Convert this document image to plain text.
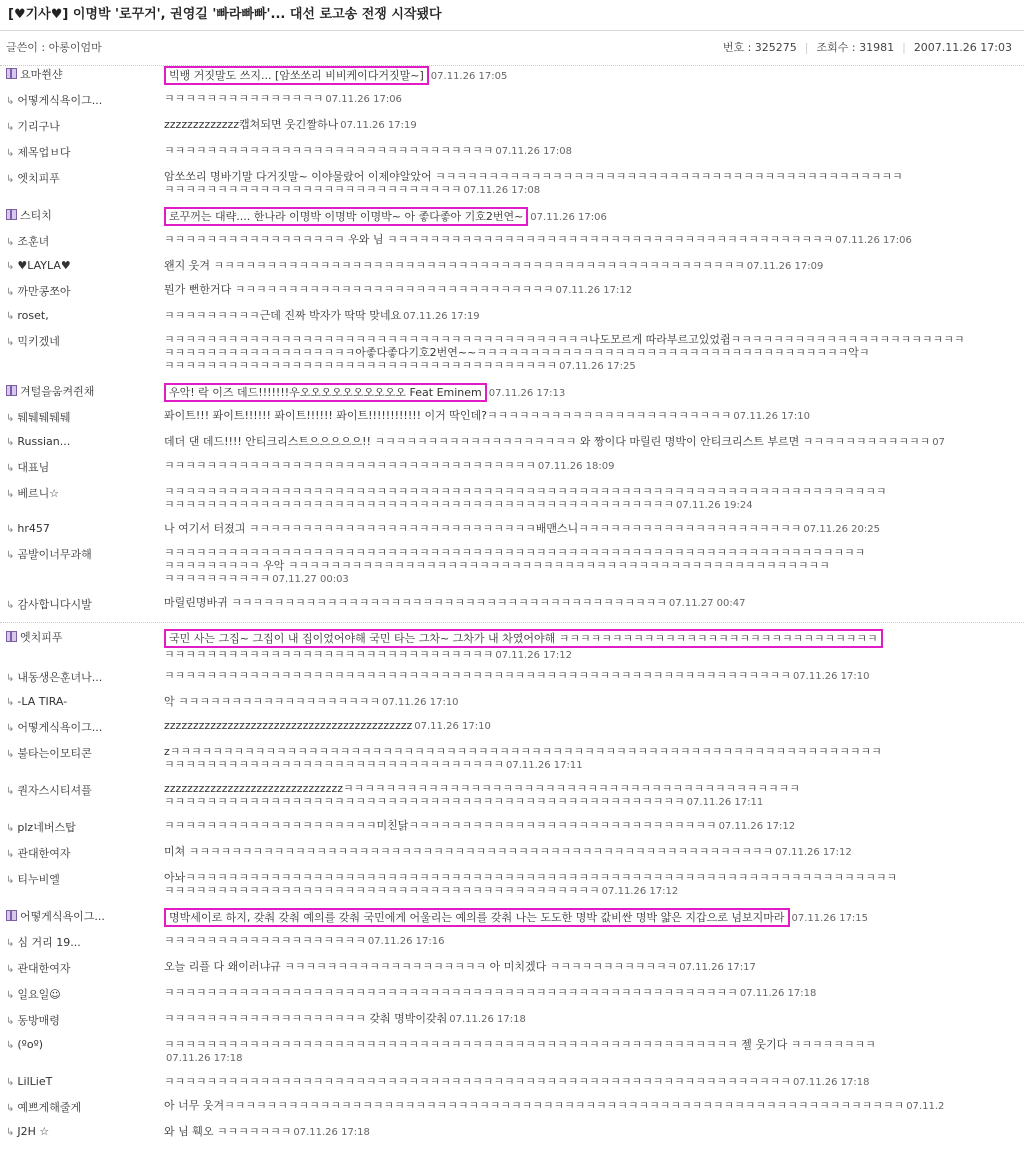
[♥기사♥] 이명박 '로꾸거', 권영길 '빠라빠빠'... 대선 로고송 전쟁 시작됐다
글쓴이 : 아롱이엄마	번호 : 325275 | 조회수 : 31981 | 2007.11.26 17:03
요마쒼샨	빅뱅 거짓말도 쓰지... [암쏘쏘리 비비케이다거짓말~] 07.11.26 17:05
↳ 어떻게식욕이그...	ㅋㅋㅋㅋㅋㅋㅋㅋㅋㅋㅋㅋㅋㅋㅋ 07.11.26 17:06
↳ 기리구나	zzzzzzzzzzzzz캡쳐되면 웃긴짤하나 07.11.26 17:19
↳ 제목업ㅂ다	ㅋㅋㅋㅋㅋㅋㅋㅋㅋㅋㅋㅋㅋㅋㅋㅋㅋㅋㅋㅋㅋㅋㅋㅋㅋㅋㅋㅋㅋㅋㅋ 07.11.26 17:08
↳ 엣치피푸	암쏘쏘리 명바기말 다거짓말~ 이야물랐어 이제야알았어 ㅋㅋㅋㅋㅋㅋㅋㅋㅋㅋㅋㅋㅋㅋㅋㅋㅋㅋㅋㅋㅋㅋㅋㅋㅋㅋㅋㅋㅋㅋㅋㅋㅋㅋㅋㅋㅋㅋㅋㅋㅋㅋㅋㅋ
ㅋㅋㅋㅋㅋㅋㅋㅋㅋㅋㅋㅋㅋㅋㅋㅋㅋㅋㅋㅋㅋㅋㅋㅋㅋㅋㅋㅋ 07.11.26 17:08
스티치	로꾸꺼는 대략.... 한나라 이명박 이명박 이명박~ 아 좋다좋아 기호2번연~ 07.11.26 17:06
↳ 조훈녀	ㅋㅋㅋㅋㅋㅋㅋㅋㅋㅋㅋㅋㅋㅋㅋㅋㅋ 우와 님 ㅋㅋㅋㅋㅋㅋㅋㅋㅋㅋㅋㅋㅋㅋㅋㅋㅋㅋㅋㅋㅋㅋㅋㅋㅋㅋㅋㅋㅋㅋㅋㅋㅋㅋㅋㅋㅋㅋㅋㅋㅋㅋ 07.11.26 17:06
↳ ♥LAYLA♥	왠지 웃겨 ㅋㅋㅋㅋㅋㅋㅋㅋㅋㅋㅋㅋㅋㅋㅋㅋㅋㅋㅋㅋㅋㅋㅋㅋㅋㅋㅋㅋㅋㅋㅋㅋㅋㅋㅋㅋㅋㅋㅋㅋㅋㅋㅋㅋㅋㅋㅋㅋㅋㅋ 07.11.26 17:09
↳ 까만콩쪼아	뭔가 뻔한거다 ㅋㅋㅋㅋㅋㅋㅋㅋㅋㅋㅋㅋㅋㅋㅋㅋㅋㅋㅋㅋㅋㅋㅋㅋㅋㅋㅋㅋㅋㅋ 07.11.26 17:12
↳ roset,	ㅋㅋㅋㅋㅋㅋㅋㅋㅋ근데 진짜 박자가 딱딱 맞네요 07.11.26 17:19
↳ 믹키겠네	ㅋㅋㅋㅋㅋㅋㅋㅋㅋㅋㅋㅋㅋㅋㅋㅋㅋㅋㅋㅋㅋㅋㅋㅋㅋㅋㅋㅋㅋㅋㅋㅋㅋㅋㅋㅋㅋㅋㅋㅋ나도모르게 따라부르고있었쥠ㅋㅋㅋㅋㅋㅋㅋㅋㅋㅋㅋㅋㅋㅋㅋㅋㅋㅋㅋㅋㅋㅋ
ㅋㅋㅋㅋㅋㅋㅋㅋㅋㅋㅋㅋㅋㅋㅋㅋㅋㅋ아좋다좋다기호2번연~~ㅋㅋㅋㅋㅋㅋㅋㅋㅋㅋㅋㅋㅋㅋㅋㅋㅋㅋㅋㅋㅋㅋㅋㅋㅋㅋㅋㅋㅋㅋㅋㅋㅋㅋㅋ악ㅋ
ㅋㅋㅋㅋㅋㅋㅋㅋㅋㅋㅋㅋㅋㅋㅋㅋㅋㅋㅋㅋㅋㅋㅋㅋㅋㅋㅋㅋㅋㅋㅋㅋㅋㅋㅋㅋㅋ 07.11.26 17:25
겨털을움켜쥔채	우악! 락 이즈 데드!!!!!!!우오오오오오오오오오오 Feat Eminem 07.11.26 17:13
↳ 퉤퉤퉤퉤퉤	퐈이트!!! 퐈이트!!!!!! 퐈이트!!!!!! 퐈이트!!!!!!!!!!!! 이거 딱인데?ㅋㅋㅋㅋㅋㅋㅋㅋㅋㅋㅋㅋㅋㅋㅋㅋㅋㅋㅋㅋㅋㅋㅋ 07.11.26 17:10
↳ Russian...	데더 댄 데드!!!! 안티크리스트으으으으으!! ㅋㅋㅋㅋㅋㅋㅋㅋㅋㅋㅋㅋㅋㅋㅋㅋㅋㅋㅋ 와 짱이다 마릴린 명박이 안티크리스트 부르면 ㅋㅋㅋㅋㅋㅋㅋㅋㅋㅋㅋㅋ 07
↳ 대표님	ㅋㅋㅋㅋㅋㅋㅋㅋㅋㅋㅋㅋㅋㅋㅋㅋㅋㅋㅋㅋㅋㅋㅋㅋㅋㅋㅋㅋㅋㅋㅋㅋㅋㅋㅋ 07.11.26 18:09
↳ 베르니☆	ㅋㅋㅋㅋㅋㅋㅋㅋㅋㅋㅋㅋㅋㅋㅋㅋㅋㅋㅋㅋㅋㅋㅋㅋㅋㅋㅋㅋㅋㅋㅋㅋㅋㅋㅋㅋㅋㅋㅋㅋㅋㅋㅋㅋㅋㅋㅋㅋㅋㅋㅋㅋㅋㅋㅋㅋㅋㅋㅋㅋㅋㅋㅋㅋㅋㅋㅋㅋ
ㅋㅋㅋㅋㅋㅋㅋㅋㅋㅋㅋㅋㅋㅋㅋㅋㅋㅋㅋㅋㅋㅋㅋㅋㅋㅋㅋㅋㅋㅋㅋㅋㅋㅋㅋㅋㅋㅋㅋㅋㅋㅋㅋㅋㅋㅋㅋㅋ 07.11.26 19:24
↳ hr457	나 여기서 터졌긔 ㅋㅋㅋㅋㅋㅋㅋㅋㅋㅋㅋㅋㅋㅋㅋㅋㅋㅋㅋㅋㅋㅋㅋㅋㅋㅋㅋ배맨스니ㅋㅋㅋㅋㅋㅋㅋㅋㅋㅋㅋㅋㅋㅋㅋㅋㅋㅋㅋㅋㅋ 07.11.26 20:25
↳ 곰발이너무과해	ㅋㅋㅋㅋㅋㅋㅋㅋㅋㅋㅋㅋㅋㅋㅋㅋㅋㅋㅋㅋㅋㅋㅋㅋㅋㅋㅋㅋㅋㅋㅋㅋㅋㅋㅋㅋㅋㅋㅋㅋㅋㅋㅋㅋㅋㅋㅋㅋㅋㅋㅋㅋㅋㅋㅋㅋㅋㅋㅋㅋㅋㅋㅋㅋㅋㅋ
ㅋㅋㅋㅋㅋㅋㅋㅋㅋ 우악 ㅋㅋㅋㅋㅋㅋㅋㅋㅋㅋㅋㅋㅋㅋㅋㅋㅋㅋㅋㅋㅋㅋㅋㅋㅋㅋㅋㅋㅋㅋㅋㅋㅋㅋㅋㅋㅋㅋㅋㅋㅋㅋㅋㅋㅋㅋㅋㅋㅋㅋㅋ
ㅋㅋㅋㅋㅋㅋㅋㅋㅋㅋ 07.11.27 00:03
↳ 감사합니다시발	마릴린명바귀 ㅋㅋㅋㅋㅋㅋㅋㅋㅋㅋㅋㅋㅋㅋㅋㅋㅋㅋㅋㅋㅋㅋㅋㅋㅋㅋㅋㅋㅋㅋㅋㅋㅋㅋㅋㅋㅋㅋㅋㅋㅋ 07.11.27 00:47
엣치피푸	국민 사는 그집~ 그집이 내 집이었어야해 국민 타는 그차~ 그차가 내 차였어야해 ㅋㅋㅋㅋㅋㅋㅋㅋㅋㅋㅋㅋㅋㅋㅋㅋㅋㅋㅋㅋㅋㅋㅋㅋㅋㅋㅋㅋㅋㅋ
ㅋㅋㅋㅋㅋㅋㅋㅋㅋㅋㅋㅋㅋㅋㅋㅋㅋㅋㅋㅋㅋㅋㅋㅋㅋㅋㅋㅋㅋㅋㅋ 07.11.26 17:12
↳ 내동생은훈녀나...	ㅋㅋㅋㅋㅋㅋㅋㅋㅋㅋㅋㅋㅋㅋㅋㅋㅋㅋㅋㅋㅋㅋㅋㅋㅋㅋㅋㅋㅋㅋㅋㅋㅋㅋㅋㅋㅋㅋㅋㅋㅋㅋㅋㅋㅋㅋㅋㅋㅋㅋㅋㅋㅋㅋㅋㅋㅋㅋㅋ 07.11.26 17:10
↳ -LA TIRA-	악 ㅋㅋㅋㅋㅋㅋㅋㅋㅋㅋㅋㅋㅋㅋㅋㅋㅋㅋㅋ 07.11.26 17:10
↳ 어떻게식욕이그...	zzzzzzzzzzzzzzzzzzzzzzzzzzzzzzzzzzzzzzzzzzz 07.11.26 17:10
↳ 불타는이모티콘	zㅋㅋㅋㅋㅋㅋㅋㅋㅋㅋㅋㅋㅋㅋㅋㅋㅋㅋㅋㅋㅋㅋㅋㅋㅋㅋㅋㅋㅋㅋㅋㅋㅋㅋㅋㅋㅋㅋㅋㅋㅋㅋㅋㅋㅋㅋㅋㅋㅋㅋㅋㅋㅋㅋㅋㅋㅋㅋㅋㅋㅋㅋㅋㅋㅋㅋㅋ
ㅋㅋㅋㅋㅋㅋㅋㅋㅋㅋㅋㅋㅋㅋㅋㅋㅋㅋㅋㅋㅋㅋㅋㅋㅋㅋㅋㅋㅋㅋㅋㅋ 07.11.26 17:11
↳ 퀀자스시티셔플	zzzzzzzzzzzzzzzzzzzzzzzzzzzzzzzㅋㅋㅋㅋㅋㅋㅋㅋㅋㅋㅋㅋㅋㅋㅋㅋㅋㅋㅋㅋㅋㅋㅋㅋㅋㅋㅋㅋㅋㅋㅋㅋㅋㅋㅋㅋㅋㅋㅋㅋㅋㅋㅋ
ㅋㅋㅋㅋㅋㅋㅋㅋㅋㅋㅋㅋㅋㅋㅋㅋㅋㅋㅋㅋㅋㅋㅋㅋㅋㅋㅋㅋㅋㅋㅋㅋㅋㅋㅋㅋㅋㅋㅋㅋㅋㅋㅋㅋㅋㅋㅋㅋㅋ 07.11.26 17:11
↳ plz네버스탑	ㅋㅋㅋㅋㅋㅋㅋㅋㅋㅋㅋㅋㅋㅋㅋㅋㅋㅋㅋㅋ미친닭ㅋㅋㅋㅋㅋㅋㅋㅋㅋㅋㅋㅋㅋㅋㅋㅋㅋㅋㅋㅋㅋㅋㅋㅋㅋㅋㅋㅋㅋ 07.11.26 17:12
↳ 관대한여자	미쳐 ㅋㅋㅋㅋㅋㅋㅋㅋㅋㅋㅋㅋㅋㅋㅋㅋㅋㅋㅋㅋㅋㅋㅋㅋㅋㅋㅋㅋㅋㅋㅋㅋㅋㅋㅋㅋㅋㅋㅋㅋㅋㅋㅋㅋㅋㅋㅋㅋㅋㅋㅋㅋㅋㅋㅋ 07.11.26 17:12
↳ 티누비엘	아놔ㅋㅋㅋㅋㅋㅋㅋㅋㅋㅋㅋㅋㅋㅋㅋㅋㅋㅋㅋㅋㅋㅋㅋㅋㅋㅋㅋㅋㅋㅋㅋㅋㅋㅋㅋㅋㅋㅋㅋㅋㅋㅋㅋㅋㅋㅋㅋㅋㅋㅋㅋㅋㅋㅋㅋㅋㅋㅋㅋㅋㅋㅋㅋㅋㅋㅋㅋ
ㅋㅋㅋㅋㅋㅋㅋㅋㅋㅋㅋㅋㅋㅋㅋㅋㅋㅋㅋㅋㅋㅋㅋㅋㅋㅋㅋㅋㅋㅋㅋㅋㅋㅋㅋㅋㅋㅋㅋㅋㅋ 07.11.26 17:12
어떻게식욕이그...	명박세이로 하지, 갖춰 갖춰 예의를 갖춰 국민에게 어울리는 예의를 갖춰 나는 도도한 명박 값비싼 명박 얇은 지갑으로 넘보지마라 07.11.26 17:15
↳ 심 거리 19...	ㅋㅋㅋㅋㅋㅋㅋㅋㅋㅋㅋㅋㅋㅋㅋㅋㅋㅋㅋ 07.11.26 17:16
↳ 관대한여자	오늘 리플 다 왜이러냐규 ㅋㅋㅋㅋㅋㅋㅋㅋㅋㅋㅋㅋㅋㅋㅋㅋㅋㅋㅋ 아 미치겠다 ㅋㅋㅋㅋㅋㅋㅋㅋㅋㅋㅋㅋ 07.11.26 17:17
↳ 일요일☺	ㅋㅋㅋㅋㅋㅋㅋㅋㅋㅋㅋㅋㅋㅋㅋㅋㅋㅋㅋㅋㅋㅋㅋㅋㅋㅋㅋㅋㅋㅋㅋㅋㅋㅋㅋㅋㅋㅋㅋㅋㅋㅋㅋㅋㅋㅋㅋㅋㅋㅋㅋㅋㅋㅋ 07.11.26 17:18
↳ 동방매령	ㅋㅋㅋㅋㅋㅋㅋㅋㅋㅋㅋㅋㅋㅋㅋㅋㅋㅋㅋ 갖춰 명박이갖춰 07.11.26 17:18
↳ (ºoº)	ㅋㅋㅋㅋㅋㅋㅋㅋㅋㅋㅋㅋㅋㅋㅋㅋㅋㅋㅋㅋㅋㅋㅋㅋㅋㅋㅋㅋㅋㅋㅋㅋㅋㅋㅋㅋㅋㅋㅋㅋㅋㅋㅋㅋㅋㅋㅋㅋㅋㅋㅋㅋㅋㅋ 젤 웃기다 ㅋㅋㅋㅋㅋㅋㅋㅋ
07.11.26 17:18
↳ LilLieT	ㅋㅋㅋㅋㅋㅋㅋㅋㅋㅋㅋㅋㅋㅋㅋㅋㅋㅋㅋㅋㅋㅋㅋㅋㅋㅋㅋㅋㅋㅋㅋㅋㅋㅋㅋㅋㅋㅋㅋㅋㅋㅋㅋㅋㅋㅋㅋㅋㅋㅋㅋㅋㅋㅋㅋㅋㅋㅋㅋ 07.11.26 17:18
↳ 예쁘게해줄게	아 너무 웃겨ㅋㅋㅋㅋㅋㅋㅋㅋㅋㅋㅋㅋㅋㅋㅋㅋㅋㅋㅋㅋㅋㅋㅋㅋㅋㅋㅋㅋㅋㅋㅋㅋㅋㅋㅋㅋㅋㅋㅋㅋㅋㅋㅋㅋㅋㅋㅋㅋㅋㅋㅋㅋㅋㅋㅋㅋㅋㅋㅋㅋㅋㅋㅋㅋ 07.11.2
↳ J2H ☆	와 님 훽오 ㅋㅋㅋㅋㅋㅋㅋ 07.11.26 17:18
